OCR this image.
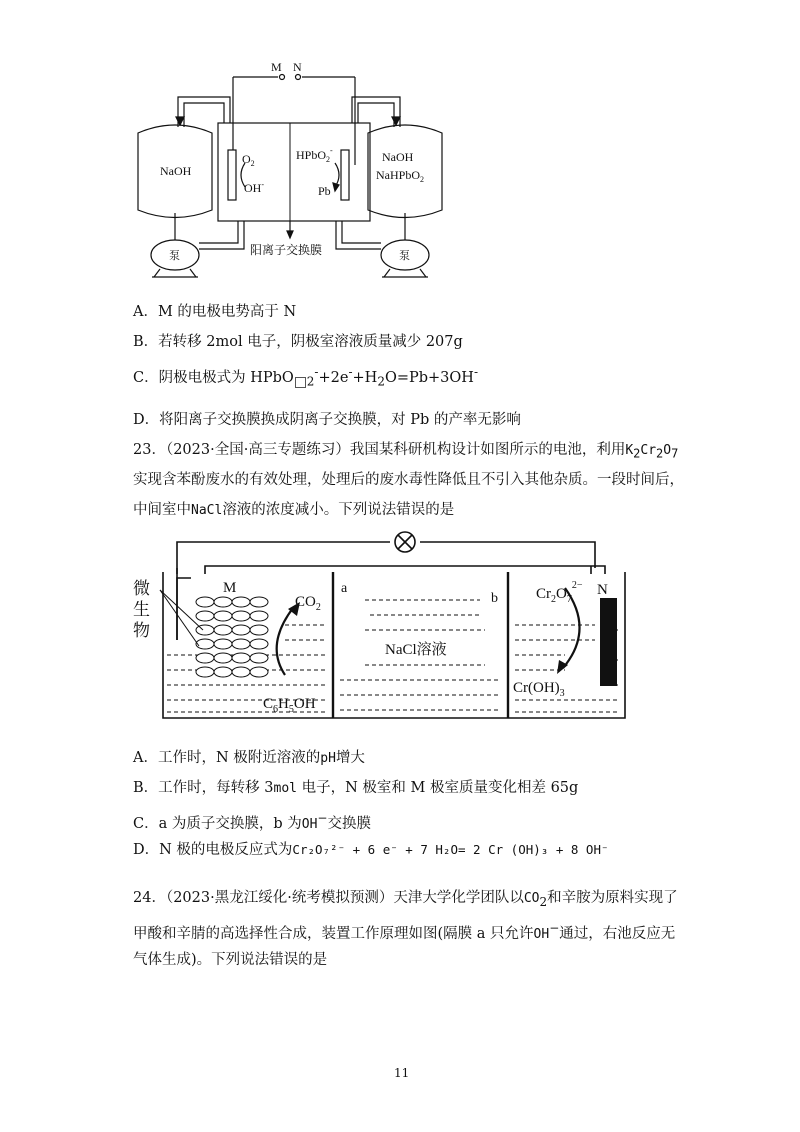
M N
NaOH
NaOH
NaHPbO$_2$
$O_2$
OH-
HPbO$_2$-
Pb
泵	泵
阳离子交换膜
A．M 的电极电势高于 N
B．若转移 2mol 电子，阴极室溶液质量减少 207g
C．阴极电极式为 HPbO $_2^-+2e^-+H_2O=Pb+3OH^-$
D．将阳离子交换膜换成阴离子交换膜，对 Pb 的产率无影响
23．（2023·全国·高三专题练习）我国某科研机构设计如图所示的电池，利用$K_2Cr_2O_7$
实现含苯酚废水的有效处理，处理后的废水毒性降低且不引入其他杂质。一段时间后，
中间室中NaCl溶液的浓度减小。下列说法错误的是
微
生
物
M
$CO_2$
a
b
NaCl溶液
$Cr_2O_7^{2-}$ N
$Cr(OH)_3$
$C_6H_5OH$
A．工作时，N 极附近溶液的pH增大
B．工作时，每转移 3mol 电子，N 极室和 M 极室质量变化相差 65g
C．a 为质子交换膜，b 为OH−交换膜
D．N 极的电极反应式为Cr₂O₇²⁻ + 6 e⁻ + 7 H₂O= 2 Cr (OH)₃ + 8 OH⁻
24．（2023·黑龙江绥化·统考模拟预测）天津大学化学团队以$CO_2$和辛胺为原料实现了
甲酸和辛腈的高选择性合成，装置工作原理如图(隔膜 a 只允许OH−通过，右池反应无
气体生成)。下列说法错误的是
11
